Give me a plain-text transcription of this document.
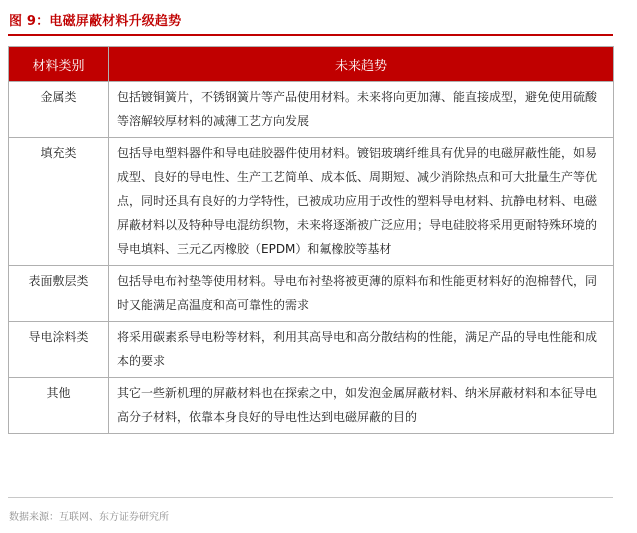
图 9：电磁屏蔽材料升级趋势
材料类别	未来趋势
金属类	包括镀铜簧片，不锈钢簧片等产品使用材料。未来将向更加薄、能直接成型，避免使用硫酸等溶解较厚材料的减薄工艺方向发展
填充类	包括导电塑料器件和导电硅胶器件使用材料。镀铝玻璃纤维具有优异的电磁屏蔽性能，如易成型、良好的导电性、生产工艺简单、成本低、周期短、减少消除热点和可大批量生产等优点，同时还具有良好的力学特性，已被成功应用于改性的塑料导电材料、抗静电材料、电磁屏蔽材料以及特种导电混纺织物，未来将逐渐被广泛应用；导电硅胶将采用更耐特殊环境的导电填料、三元乙丙橡胶（EPDM）和氟橡胶等基材
表面敷层类	包括导电布衬垫等使用材料。导电布衬垫将被更薄的原料布和性能更材料好的泡棉替代，同时又能满足高温度和高可靠性的需求
导电涂料类	将采用碳素系导电粉等材料，利用其高导电和高分散结构的性能，满足产品的导电性能和成本的要求
其他	其它一些新机理的屏蔽材料也在探索之中，如发泡金属屏蔽材料、纳米屏蔽材料和本征导电高分子材料，依靠本身良好的导电性达到电磁屏蔽的目的
数据来源：互联网、东方证券研究所
